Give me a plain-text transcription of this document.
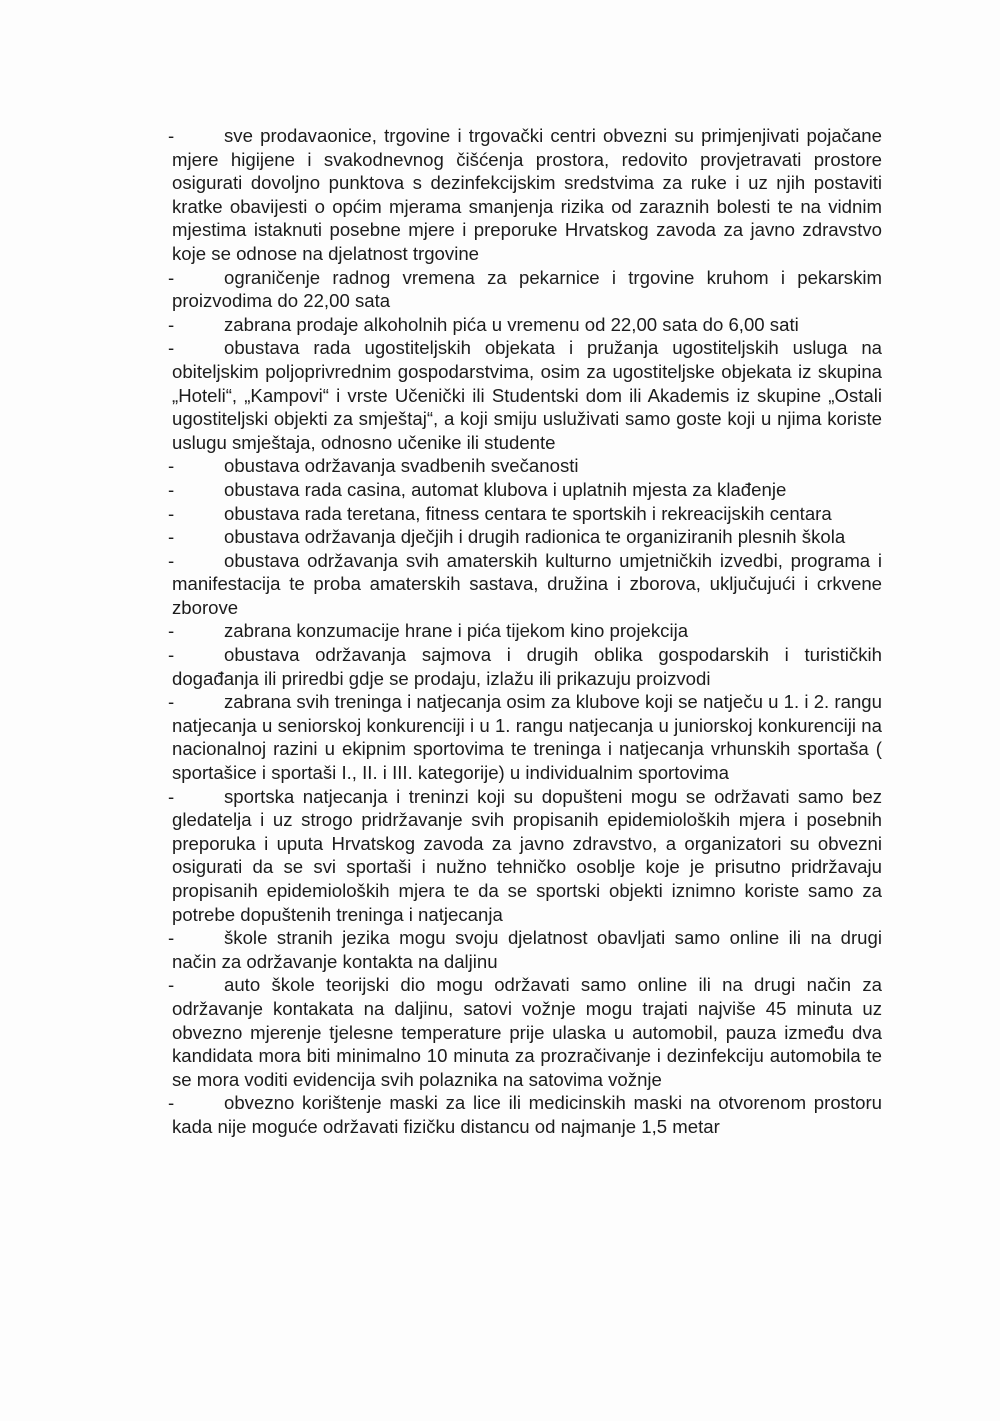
-	sve prodavaonice, trgovine i trgovački centri obvezni su primjenjivati pojačane mjere higijene i svakodnevnog čišćenja prostora, redovito provjetravati prostore osigurati dovoljno punktova s dezinfekcijskim sredstvima za ruke i uz njih postaviti kratke obavijesti o općim mjerama smanjenja rizika od zaraznih bolesti te na vidnim mjestima istaknuti posebne mjere i preporuke Hrvatskog zavoda za javno zdravstvo koje se odnose na djelatnost trgovine

-	ograničenje radnog vremena za pekarnice i trgovine kruhom i pekarskim proizvodima do 22,00 sata

-	zabrana prodaje alkoholnih pića u vremenu od 22,00 sata do 6,00 sati

-	obustava rada ugostiteljskih objekata i pružanja ugostiteljskih usluga na obiteljskim poljoprivrednim gospodarstvima, osim za ugostiteljske objekata iz skupina „Hoteli“, „Kampovi“ i vrste Učenički ili Studentski dom ili Akademis iz skupine „Ostali ugostiteljski objekti za smještaj“, a koji smiju usluživati samo goste koji u njima koriste uslugu smještaja, odnosno učenike ili studente

-	obustava održavanja svadbenih svečanosti

-	obustava rada casina, automat klubova i uplatnih mjesta za klađenje

-	obustava rada teretana, fitness centara te sportskih i rekreacijskih centara

-	obustava održavanja dječjih i drugih radionica te organiziranih plesnih škola

-	obustava održavanja svih amaterskih kulturno umjetničkih izvedbi, programa i manifestacija te proba amaterskih sastava, družina i zborova, uključujući i crkvene zborove

-	zabrana konzumacije hrane i pića tijekom kino projekcija

-	obustava održavanja sajmova i drugih oblika gospodarskih i turističkih događanja ili priredbi gdje se prodaju, izlažu ili prikazuju proizvodi

-	zabrana svih treninga i natjecanja osim za klubove koji se natječu u 1. i 2. rangu natjecanja u seniorskoj konkurenciji i u 1. rangu natjecanja u juniorskoj konkurenciji na nacionalnoj razini u ekipnim sportovima te treninga i natjecanja vrhunskih sportaša ( sportašice i sportaši I., II. i III. kategorije) u individualnim sportovima

-	sportska natjecanja i treninzi koji su dopušteni mogu se održavati samo bez gledatelja i uz strogo pridržavanje svih propisanih epidemioloških mjera i posebnih preporuka i uputa Hrvatskog zavoda za javno zdravstvo, a organizatori su obvezni osigurati da se svi sportaši i nužno tehničko osoblje koje je prisutno pridržavaju propisanih epidemioloških mjera te da se sportski objekti iznimno koriste samo za potrebe dopuštenih treninga i natjecanja

-	škole stranih jezika mogu svoju djelatnost obavljati samo online ili na drugi način za održavanje kontakta na daljinu

-	auto škole teorijski dio mogu održavati samo online ili na drugi način za održavanje kontakata na daljinu, satovi vožnje mogu trajati najviše 45 minuta uz obvezno mjerenje tjelesne temperature prije ulaska u automobil, pauza između dva kandidata mora biti minimalno 10 minuta za prozračivanje i dezinfekciju automobila te se mora voditi evidencija svih polaznika na satovima vožnje

-	obvezno korištenje maski za lice ili medicinskih maski na otvorenom prostoru kada nije moguće održavati fizičku distancu od najmanje 1,5 metar
